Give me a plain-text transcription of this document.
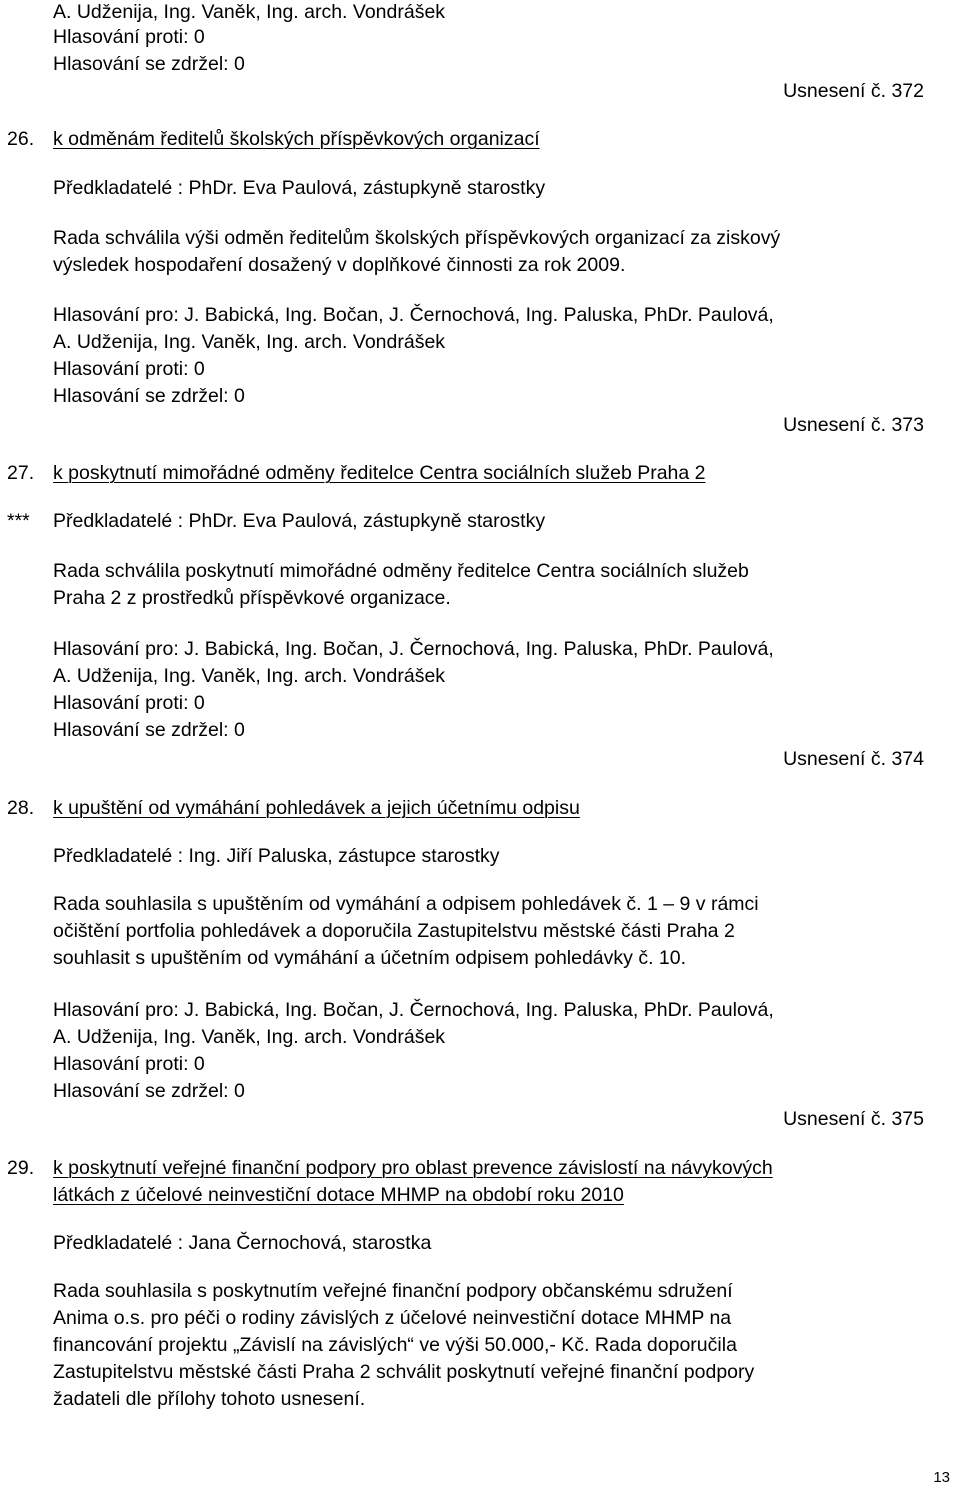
A. Udženija, Ing. Vaněk, Ing. arch. Vondrášek
Hlasování proti: 0
Hlasování se zdržel: 0
Usnesení č. 372
26. k odměnám ředitelů školských příspěvkových organizací
Předkladatelé : PhDr. Eva Paulová, zástupkyně starostky
Rada schválila výši odměn ředitelům školských příspěvkových organizací za ziskový
výsledek hospodaření dosažený v doplňkové činnosti za rok 2009.
Hlasování pro: J. Babická, Ing. Bočan, J. Černochová, Ing. Paluska, PhDr. Paulová,
A. Udženija, Ing. Vaněk, Ing. arch. Vondrášek
Hlasování proti: 0
Hlasování se zdržel: 0
Usnesení č. 373
27. k poskytnutí mimořádné odměny ředitelce Centra sociálních služeb Praha 2
*** Předkladatelé : PhDr. Eva Paulová, zástupkyně starostky
Rada schválila poskytnutí mimořádné odměny ředitelce Centra sociálních služeb
Praha 2 z prostředků příspěvkové organizace.
Hlasování pro: J. Babická, Ing. Bočan, J. Černochová, Ing. Paluska, PhDr. Paulová,
A. Udženija, Ing. Vaněk, Ing. arch. Vondrášek
Hlasování proti: 0
Hlasování se zdržel: 0
Usnesení č. 374
28. k upuštění od vymáhání pohledávek a jejich účetnímu odpisu
Předkladatelé : Ing. Jiří Paluska, zástupce starostky
Rada souhlasila s upuštěním od vymáhání a odpisem pohledávek č. 1 – 9 v rámci
očištění portfolia pohledávek a doporučila Zastupitelstvu městské části Praha 2
souhlasit s upuštěním od vymáhání a účetním odpisem pohledávky č. 10.
Hlasování pro: J. Babická, Ing. Bočan, J. Černochová, Ing. Paluska, PhDr. Paulová,
A. Udženija, Ing. Vaněk, Ing. arch. Vondrášek
Hlasování proti: 0
Hlasování se zdržel: 0
Usnesení č. 375
29. k poskytnutí veřejné finanční podpory pro oblast prevence závislostí na návykových
látkách z účelové neinvestiční dotace MHMP na období roku 2010
Předkladatelé : Jana Černochová, starostka
Rada souhlasila s poskytnutím veřejné finanční podpory občanskému sdružení
Anima o.s. pro péči o rodiny závislých z účelové neinvestiční dotace MHMP na
financování projektu „Závislí na závislých“ ve výši 50.000,- Kč. Rada doporučila
Zastupitelstvu městské části Praha 2 schválit poskytnutí veřejné finanční podpory
žadateli dle přílohy tohoto usnesení.
13
